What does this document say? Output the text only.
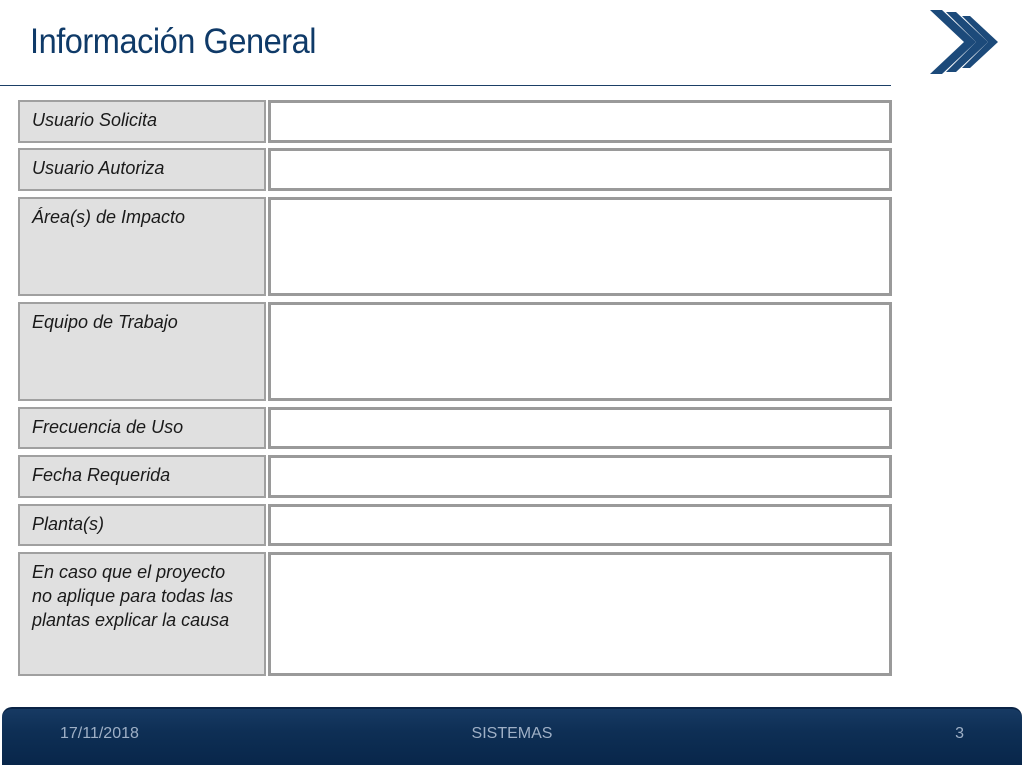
Información General
Usuario Solicita
Usuario Autoriza
Área(s) de Impacto
Equipo de Trabajo
Frecuencia de Uso
Fecha Requerida
Planta(s)
En caso que el proyecto
no aplique para todas las
plantas explicar la causa
17/11/2018	SISTEMAS	3
